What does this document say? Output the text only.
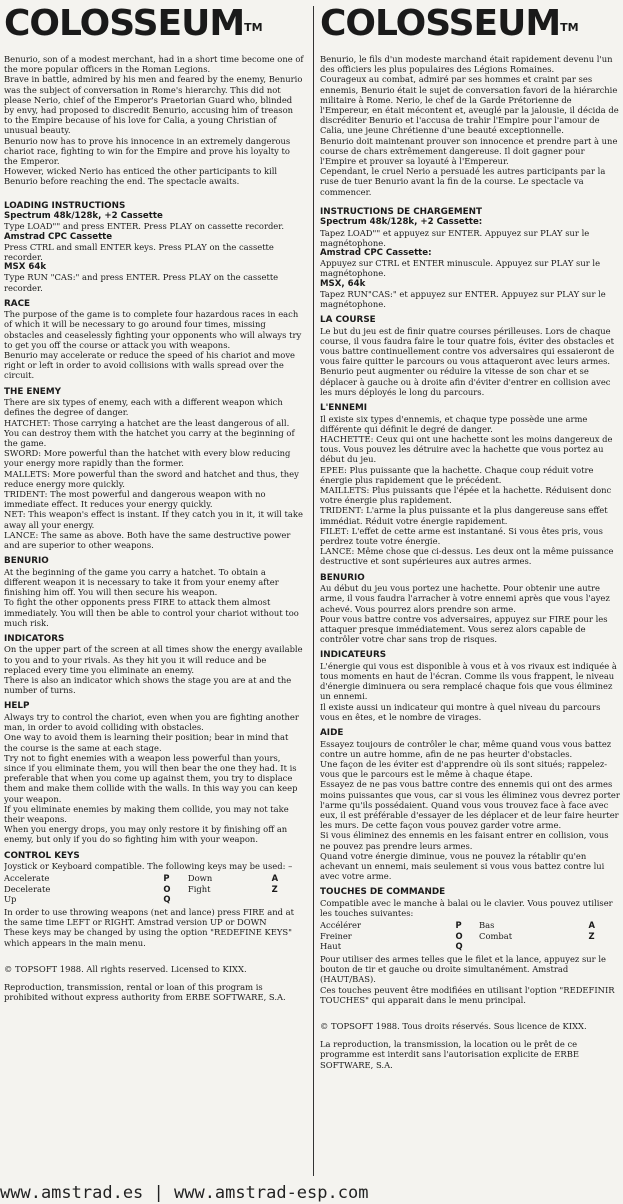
COLOSSEUM™

Benurio, son of a modest merchant, had in a short time become one of the more popular officers in the Roman Legions.

Brave in battle, admired by his men and feared by the enemy, Benurio was the subject of conversation in Rome's hierarchy. This did not please Nerio, chief of the Emperor's Praetorian Guard who, blinded by envy, had proposed to discredit Benurio, accusing him of treason to the Empire because of his love for Calia, a young Christian of unusual beauty.

Benurio now has to prove his innocence in an extremely dangerous chariot race, fighting to win for the Empire and prove his loyalty to the Emperor.

However, wicked Nerio has enticed the other participants to kill Benurio before reaching the end. The spectacle awaits.

LOADING INSTRUCTIONS
Spectrum 48k/128k, +2 Cassette

Type LOAD"" and press ENTER. Press PLAY on cassette recorder.

Amstrad CPC Cassette

Press CTRL and small ENTER keys. Press PLAY on the cassette recorder.

MSX 64k

Type RUN "CAS:" and press ENTER. Press PLAY on the cassette recorder.

RACE

The purpose of the game is to complete four hazardous races in each of which it will be necessary to go around four times, missing obstacles and ceaselessly fighting your opponents who will always try to get you off the course or attack you with weapons.

Benurio may accelerate or reduce the speed of his chariot and move right or left in order to avoid collisions with walls spread over the circuit.

THE ENEMY

There are six types of enemy, each with a different weapon which defines the degree of danger.

HATCHET: Those carrying a hatchet are the least dangerous of all. You can destroy them with the hatchet you carry at the beginning of the game.

SWORD: More powerful than the hatchet with every blow reducing your energy more rapidly than the former.

MALLETS: More powerful than the sword and hatchet and thus, they reduce energy more quickly.

TRIDENT: The most powerful and dangerous weapon with no immediate effect. It reduces your energy quickly.

NET: This weapon's effect is instant. If they catch you in it, it will take away all your energy.

LANCE: The same as above. Both have the same destructive power and are superior to other weapons.

BENURIO

At the beginning of the game you carry a hatchet. To obtain a different weapon it is necessary to take it from your enemy after finishing him off. You will then secure his weapon.

To fight the other opponents press FIRE to attack them almost immediately. You will then be able to control your chariot without too much risk.

INDICATORS

On the upper part of the screen at all times show the energy available to you and to your rivals. As they hit you it will reduce and be replaced every time you eliminate an enemy.

There is also an indicator which shows the stage you are at and the number of turns.

HELP

Always try to control the chariot, even when you are fighting another man, in order to avoid colliding with obstacles.

One way to avoid them is learning their position; bear in mind that the course is the same at each stage.

Try not to fight enemies with a weapon less powerful than yours, since if you eliminate them, you will then bear the one they had. It is preferable that when you come up against them, you try to displace them and make them collide with the walls. In this way you can keep your weapon.

If you eliminate enemies by making them collide, you may not take their weapons.

When you energy drops, you may only restore it by finishing off an enemy, but only if you do so fighting him with your weapon.

CONTROL KEYS

Joystick or Keyboard compatible. The following keys may be used: –

Accelerate	P	Down	A
Decelerate	O	Fight	Z
Up	Q		

In order to use throwing weapons (net and lance) press FIRE and at the same time LEFT or RIGHT. Amstrad version UP or DOWN

These keys may be changed by using the option "REDEFINE KEYS" which appears in the main menu.

© TOPSOFT 1988. All rights reserved. Licensed to KIXX.

Reproduction, transmission, rental or loan of this program is prohibited without express authority from ERBE SOFTWARE, S.A.

COLOSSEUM™

Benurio, le fils d'un modeste marchand était rapidement devenu l'un des officiers les plus populaires des Légions Romaines.

Courageux au combat, admiré par ses hommes et craint par ses ennemis, Benurio était le sujet de conversation favori de la hiérarchie militaire à Rome. Nerio, le chef de la Garde Prétorienne de l'Empereur, en était mécontent et, aveuglé par la jalousie, il décida de discréditer Benurio et l'accusa de trahir l'Empire pour l'amour de Calia, une jeune Chrétienne d'une beauté exceptionnelle.

Benurio doit maintenant prouver son innocence et prendre part à une course de chars extrêmement dangereuse. Il doit gagner pour l'Empire et prouver sa loyauté à l'Empereur.

Cependant, le cruel Nerio a persuadé les autres participants par la ruse de tuer Benurio avant la fin de la course. Le spectacle va commencer.

INSTRUCTIONS DE CHARGEMENT
Spectrum 48k/128k, +2 Cassette:

Tapez LOAD"" et appuyez sur ENTER. Appuyez sur PLAY sur le magnétophone.

Amstrad CPC Cassette:

Appuyez sur CTRL et ENTER minuscule. Appuyez sur PLAY sur le magnétophone.

MSX, 64k

Tapez RUN"CAS:" et appuyez sur ENTER. Appuyez sur PLAY sur le magnétophone.

LA COURSE

Le but du jeu est de finir quatre courses périlleuses. Lors de chaque course, il vous faudra faire le tour quatre fois, éviter des obstacles et vous battre continuellement contre vos adversaires qui essaieront de vous faire quitter le parcours ou vous attaqueront avec leurs armes.

Benurio peut augmenter ou réduire la vitesse de son char et se déplacer à gauche ou à droite afin d'éviter d'entrer en collision avec les murs déployés le long du parcours.

L'ENNEMI

Il existe six types d'ennemis, et chaque type possède une arme différente qui définit le degré de danger.

HACHETTE: Ceux qui ont une hachette sont les moins dangereux de tous. Vous pouvez les détruire avec la hachette que vous portez au début du jeu.

EPEE: Plus puissante que la hachette. Chaque coup réduit votre énergie plus rapidement que le précédent.

MAILLETS: Plus puissants que l'épée et la hachette. Réduisent donc votre énergie plus rapidement.

TRIDENT: L'arme la plus puissante et la plus dangereuse sans effet immédiat. Réduit votre énergie rapidement.

FILET: L'effet de cette arme est instantané. Si vous êtes pris, vous perdrez toute votre énergie.

LANCE: Même chose que ci-dessus. Les deux ont la même puissance destructive et sont supérieures aux autres armes.

BENURIO

Au début du jeu vous portez une hachette. Pour obtenir une autre arme, il vous faudra l'arracher à votre ennemi après que vous l'ayez achevé. Vous pourrez alors prendre son arme.

Pour vous battre contre vos adversaires, appuyez sur FIRE pour les attaquer presque immédiatement. Vous serez alors capable de contrôler votre char sans trop de risques.

INDICATEURS

L'énergie qui vous est disponible à vous et à vos rivaux est indiquée à tous moments en haut de l'écran. Comme ils vous frappent, le niveau d'énergie diminuera ou sera remplacé chaque fois que vous éliminez un ennemi.

Il existe aussi un indicateur qui montre à quel niveau du parcours vous en êtes, et le nombre de virages.

AIDE

Essayez toujours de contrôler le char, même quand vous vous battez contre un autre homme, afin de ne pas heurter d'obstacles.

Une façon de les éviter est d'apprendre où ils sont situés; rappelez-vous que le parcours est le même à chaque étape.

Essayez de ne pas vous battre contre des ennemis qui ont des armes moins puissantes que vous, car si vous les éliminez vous devrez porter l'arme qu'ils possédaient. Quand vous vous trouvez face à face avec eux, il est préférable d'essayer de les déplacer et de leur faire heurter les murs. De cette façon vous pouvez garder votre arme.

Si vous éliminez des ennemis en les faisant entrer en collision, vous ne pouvez pas prendre leurs armes.

Quand votre énergie diminue, vous ne pouvez la rétablir qu'en achevant un ennemi, mais seulement si vous vous battez contre lui avec votre arme.

TOUCHES DE COMMANDE

Compatible avec le manche à balai ou le clavier. Vous pouvez utiliser les touches suivantes:

Accélérer	P	Bas	A
Freiner	O	Combat	Z
Haut	Q		

Pour utiliser des armes telles que le filet et la lance, appuyez sur le bouton de tir et gauche ou droite simultanément. Amstrad (HAUT/BAS).

Ces touches peuvent être modifiées en utilisant l'option "REDEFINIR TOUCHES" qui apparait dans le menu principal.

© TOPSOFT 1988. Tous droits réservés. Sous licence de KIXX.

La reproduction, la transmission, la location ou le prêt de ce programme est interdit sans l'autorisation explicite de ERBE SOFTWARE, S.A.

www.amstrad.es | www.amstrad-esp.com
